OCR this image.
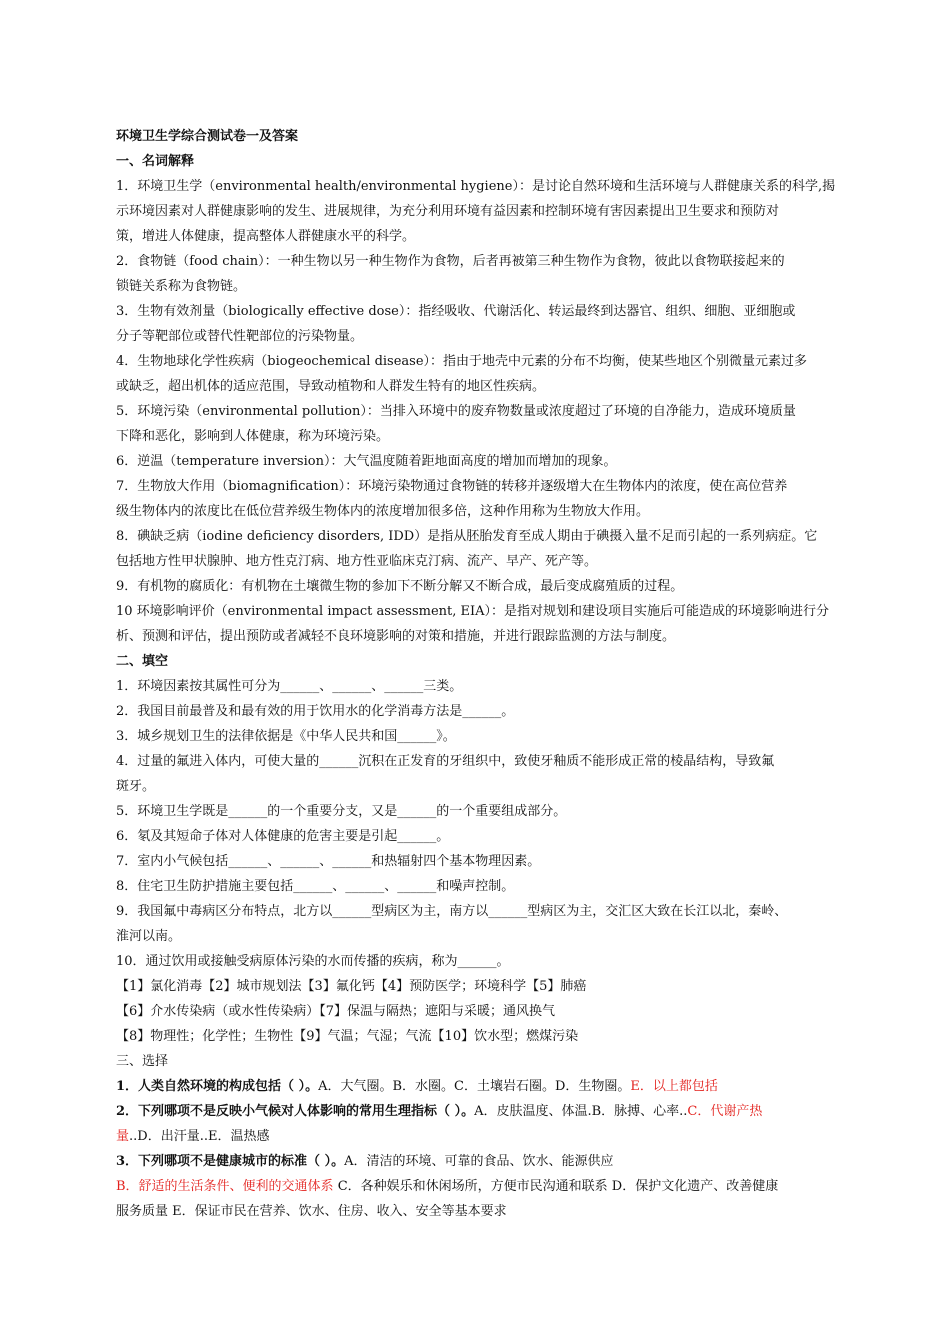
环境卫生学综合测试卷一及答案
一、名词解释
1．环境卫生学（environmental health/environmental hygiene）：是讨论自然环境和生活环境与人群健康关系的科学,揭
示环境因素对人群健康影响的发生、进展规律，为充分利用环境有益因素和控制环境有害因素提出卫生要求和预防对
策，增进人体健康，提高整体人群健康水平的科学。
2．食物链（food chain）：一种生物以另一种生物作为食物，后者再被第三种生物作为食物，彼此以食物联接起来的
锁链关系称为食物链。
3．生物有效剂量（biologically effective dose）：指经吸收、代谢活化、转运最终到达器官、组织、细胞、亚细胞或
分子等靶部位或替代性靶部位的污染物量。
4．生物地球化学性疾病（biogeochemical disease）：指由于地壳中元素的分布不均衡，使某些地区个别微量元素过多
或缺乏，超出机体的适应范围，导致动植物和人群发生特有的地区性疾病。
5．环境污染（environmental pollution）：当排入环境中的废弃物数量或浓度超过了环境的自净能力，造成环境质量
下降和恶化，影响到人体健康，称为环境污染。
6．逆温（temperature inversion）：大气温度随着距地面高度的增加而增加的现象。
7．生物放大作用（biomagnification）：环境污染物通过食物链的转移并逐级增大在生物体内的浓度，使在高位营养
级生物体内的浓度比在低位营养级生物体内的浓度增加很多倍，这种作用称为生物放大作用。
8．碘缺乏病（iodine deficiency disorders, IDD）是指从胚胎发育至成人期由于碘摄入量不足而引起的一系列病症。它
包括地方性甲状腺肿、地方性克汀病、地方性亚临床克汀病、流产、早产、死产等。
9．有机物的腐质化：有机物在土壤微生物的参加下不断分解又不断合成，最后变成腐殖质的过程。
10 环境影响评价（environmental impact assessment, EIA）：是指对规划和建设项目实施后可能造成的环境影响进行分
析、预测和评估，提出预防或者减轻不良环境影响的对策和措施，并进行跟踪监测的方法与制度。
二、填空
1．环境因素按其属性可分为______、______、______三类。
2．我国目前最普及和最有效的用于饮用水的化学消毒方法是______。
3．城乡规划卫生的法律依据是《中华人民共和国______》。
4．过量的氟进入体内，可使大量的______沉积在正发育的牙组织中，致使牙釉质不能形成正常的棱晶结构，导致氟
斑牙。
5．环境卫生学既是______的一个重要分支，又是______的一个重要组成部分。
6．氡及其短命子体对人体健康的危害主要是引起______。
7．室内小气候包括______、______、______和热辐射四个基本物理因素。
8．住宅卫生防护措施主要包括______、______、______和噪声控制。
9．我国氟中毒病区分布特点，北方以______型病区为主，南方以______型病区为主，交汇区大致在长江以北，秦岭、
淮河以南。
10．通过饮用或接触受病原体污染的水而传播的疾病，称为______。
【1】氯化消毒【2】城市规划法【3】氟化钙【4】预防医学；环境科学【5】肺癌
【6】介水传染病（或水性传染病）【7】保温与隔热；遮阳与采暖；通风换气
【8】物理性；化学性；生物性【9】气温；气湿；气流【10】饮水型；燃煤污染
三、选择
1．人类自然环境的构成包括（ ）。A．大气圈。B．水圈。C．土壤岩石圈。D．生物圈。E．以上都包括
2．下列哪项不是反映小气候对人体影响的常用生理指标（ ）。A．皮肤温度、体温.B．脉搏、心率..C．代谢产热
量..D．出汗量..E．温热感
3．下列哪项不是健康城市的标准（ ）。A．清洁的环境、可靠的食品、饮水、能源供应
B．舒适的生活条件、便利的交通体系 C．各种娱乐和休闲场所，方便市民沟通和联系 D．保护文化遗产、改善健康
服务质量 E．保证市民在营养、饮水、住房、收入、安全等基本要求
